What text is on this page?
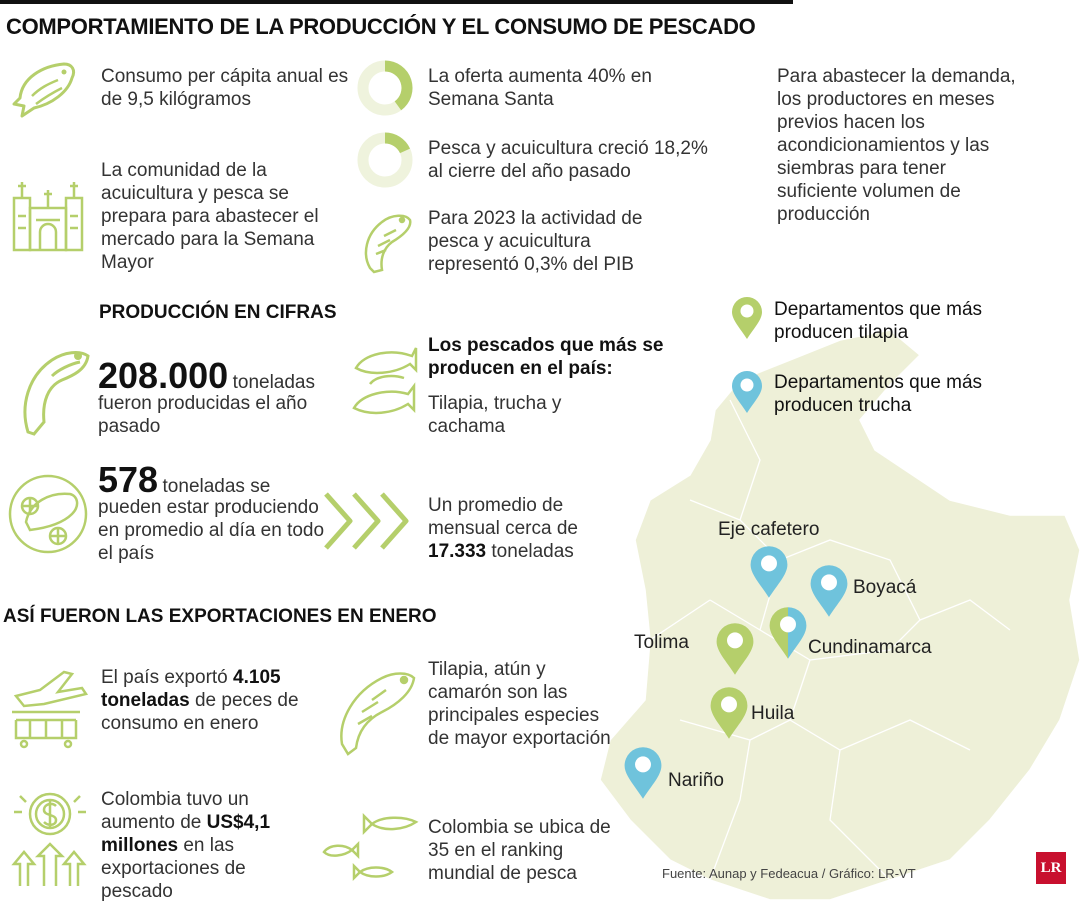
COMPORTAMIENTO DE LA PRODUCCIÓN Y EL CONSUMO DE PESCADO
Consumo per cápita anual es de 9,5 kilógramos
La comunidad de la acuicultura y pesca se prepara para abastecer el mercado para la Semana Mayor
La oferta aumenta 40% en Semana Santa
Pesca y acuicultura creció 18,2% al cierre del año pasado
Para 2023 la actividad de pesca y acuicultura representó 0,3% del PIB
Para abastecer la demanda, los productores en meses previos hacen los acondicionamientos y las siembras para tener suficiente volumen de producción
PRODUCCIÓN EN CIFRAS
208.000 toneladas
fueron producidas el año pasado
578 toneladas se
pueden estar produciendo en promedio al día en todo el país
Los pescados que más se producen en el país:
Tilapia, trucha y cachama
Un promedio de mensual cerca de 17.333 toneladas
ASÍ FUERON LAS EXPORTACIONES EN ENERO
El país exportó 4.105 toneladas de peces de consumo en enero
Tilapia, atún y camarón son las principales especies de mayor exportación
Colombia tuvo un aumento de US$4,1 millones en las exportaciones de pescado
Colombia se ubica de 35 en el ranking mundial de pesca
Departamentos que más producen tilapia
Departamentos que más producen trucha
Eje cafetero
Boyacá
Tolima	Cundinamarca
Huila
Nariño
Fuente: Aunap y Fedeacua / Gráfico: LR-VT	LR
